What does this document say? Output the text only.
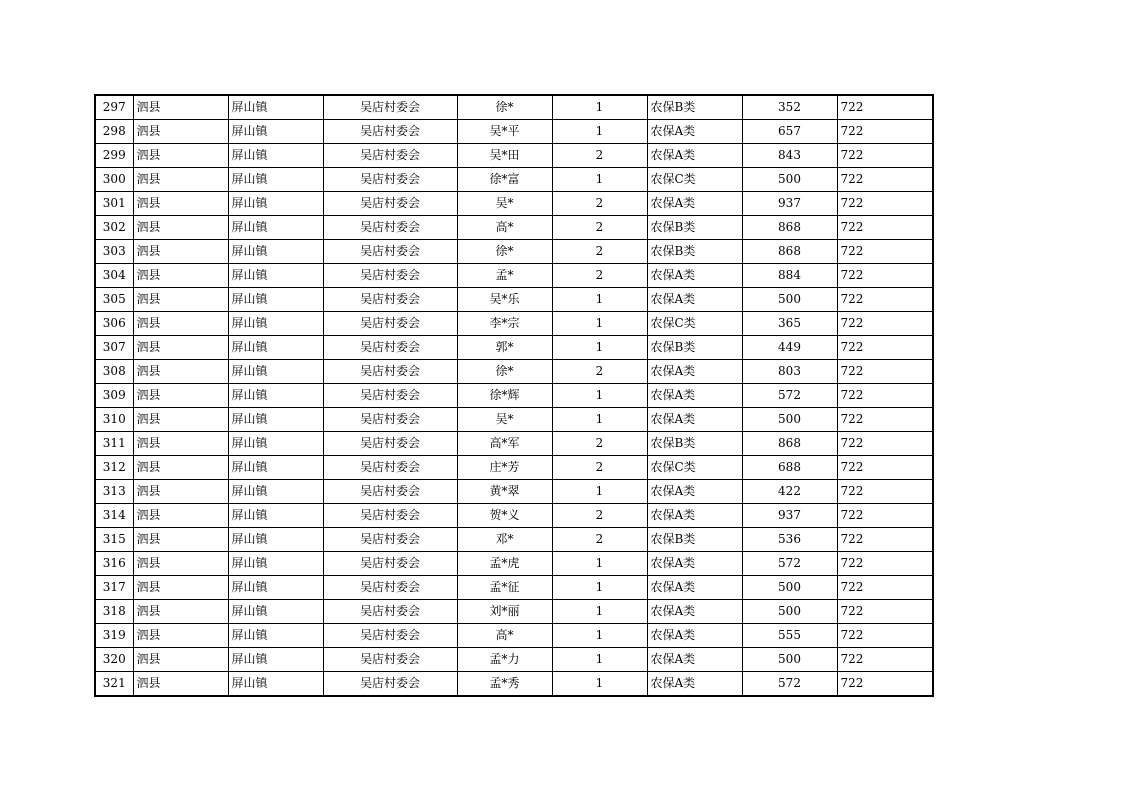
297	泗县	屏山镇	吴店村委会	徐*	1	农保B类	352	722
298	泗县	屏山镇	吴店村委会	吴*平	1	农保A类	657	722
299	泗县	屏山镇	吴店村委会	吴*田	2	农保A类	843	722
300	泗县	屏山镇	吴店村委会	徐*富	1	农保C类	500	722
301	泗县	屏山镇	吴店村委会	吴*	2	农保A类	937	722
302	泗县	屏山镇	吴店村委会	高*	2	农保B类	868	722
303	泗县	屏山镇	吴店村委会	徐*	2	农保B类	868	722
304	泗县	屏山镇	吴店村委会	孟*	2	农保A类	884	722
305	泗县	屏山镇	吴店村委会	吴*乐	1	农保A类	500	722
306	泗县	屏山镇	吴店村委会	李*宗	1	农保C类	365	722
307	泗县	屏山镇	吴店村委会	郭*	1	农保B类	449	722
308	泗县	屏山镇	吴店村委会	徐*	2	农保A类	803	722
309	泗县	屏山镇	吴店村委会	徐*辉	1	农保A类	572	722
310	泗县	屏山镇	吴店村委会	吴*	1	农保A类	500	722
311	泗县	屏山镇	吴店村委会	高*军	2	农保B类	868	722
312	泗县	屏山镇	吴店村委会	庄*芳	2	农保C类	688	722
313	泗县	屏山镇	吴店村委会	黄*翠	1	农保A类	422	722
314	泗县	屏山镇	吴店村委会	贺*义	2	农保A类	937	722
315	泗县	屏山镇	吴店村委会	邓*	2	农保B类	536	722
316	泗县	屏山镇	吴店村委会	孟*虎	1	农保A类	572	722
317	泗县	屏山镇	吴店村委会	孟*征	1	农保A类	500	722
318	泗县	屏山镇	吴店村委会	刘*丽	1	农保A类	500	722
319	泗县	屏山镇	吴店村委会	高*	1	农保A类	555	722
320	泗县	屏山镇	吴店村委会	孟*力	1	农保A类	500	722
321	泗县	屏山镇	吴店村委会	孟*秀	1	农保A类	572	722
